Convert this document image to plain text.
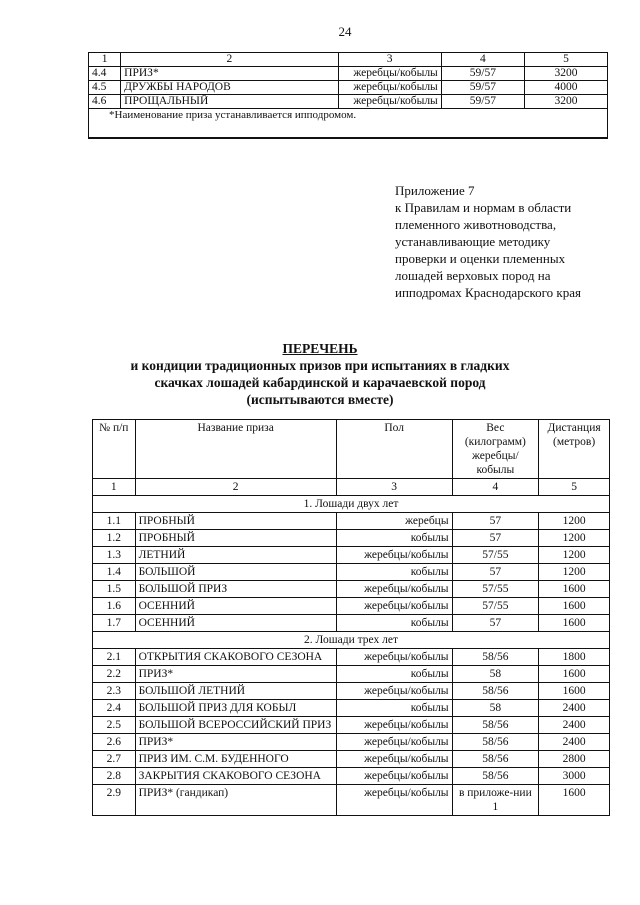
24
1	2	3	4	5
4.4	ПРИЗ*	жеребцы/кобылы	59/57	3200
4.5	ДРУЖБЫ НАРОДОВ	жеребцы/кобылы	59/57	4000
4.6	ПРОЩАЛЬНЫЙ	жеребцы/кобылы	59/57	3200
*Наименование приза устанавливается ипподромом.				
Приложение 7
к Правилам и нормам в области
племенного животноводства,
устанавливающие методику
проверки и оценки племенных
лошадей верховых пород на
ипподромах Краснодарского края
ПЕРЕЧЕНЬ
и кондиции традиционных призов при испытаниях в гладких
скачках лошадей кабардинской и карачаевской пород
(испытываются вместе)
№ п/п	Название приза	Пол	Вес (килограмм) жеребцы/ кобылы	Дистанция (метров)
1	2	3	4	5
1. Лошади двух лет				
1.1	ПРОБНЫЙ	жеребцы	57	1200
1.2	ПРОБНЫЙ	кобылы	57	1200
1.3	ЛЕТНИЙ	жеребцы/кобылы	57/55	1200
1.4	БОЛЬШОЙ	кобылы	57	1200
1.5	БОЛЬШОЙ ПРИЗ	жеребцы/кобылы	57/55	1600
1.6	ОСЕННИЙ	жеребцы/кобылы	57/55	1600
1.7	ОСЕННИЙ	кобылы	57	1600
2. Лошади трех лет				
2.1	ОТКРЫТИЯ СКАКОВОГО СЕЗОНА	жеребцы/кобылы	58/56	1800
2.2	ПРИЗ*	кобылы	58	1600
2.3	БОЛЬШОЙ ЛЕТНИЙ	жеребцы/кобылы	58/56	1600
2.4	БОЛЬШОЙ ПРИЗ ДЛЯ КОБЫЛ	кобылы	58	2400
2.5	БОЛЬШОЙ ВСЕРОССИЙСКИЙ ПРИЗ	жеребцы/кобылы	58/56	2400
2.6	ПРИЗ*	жеребцы/кобылы	58/56	2400
2.7	ПРИЗ ИМ. С.М. БУДЕННОГО	жеребцы/кобылы	58/56	2800
2.8	ЗАКРЫТИЯ СКАКОВОГО СЕЗОНА	жеребцы/кобылы	58/56	3000
2.9	ПРИЗ* (гандикап)	жеребцы/кобылы	в приложе-нии 1	1600
